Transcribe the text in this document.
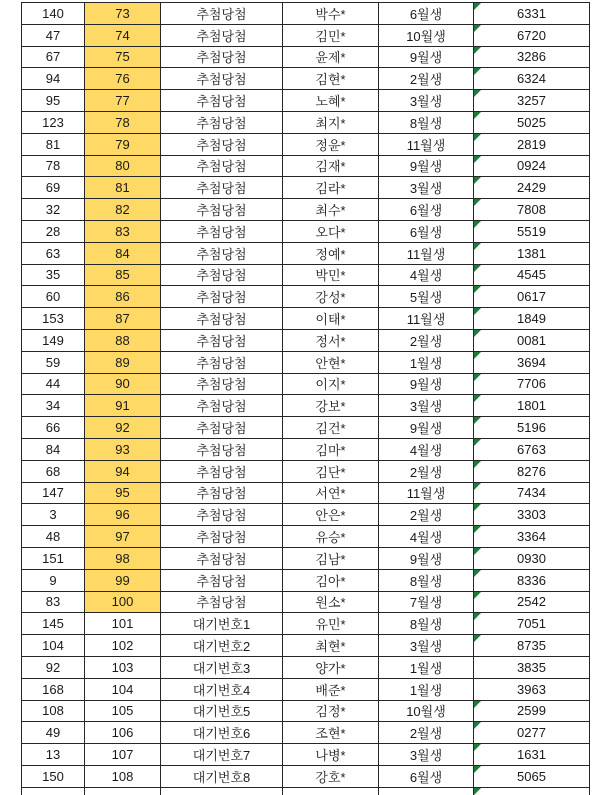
140	73	추첨당첨	박수*	6월생	6331
47	74	추첨당첨	김민*	10월생	6720
67	75	추첨당첨	윤제*	9월생	3286
94	76	추첨당첨	김현*	2월생	6324
95	77	추첨당첨	노혜*	3월생	3257
123	78	추첨당첨	최지*	8월생	5025
81	79	추첨당첨	정윤*	11월생	2819
78	80	추첨당첨	김재*	9월생	0924
69	81	추첨당첨	김라*	3월생	2429
32	82	추첨당첨	최수*	6월생	7808
28	83	추첨당첨	오다*	6월생	5519
63	84	추첨당첨	정예*	11월생	1381
35	85	추첨당첨	박민*	4월생	4545
60	86	추첨당첨	강성*	5월생	0617
153	87	추첨당첨	이태*	11월생	1849
149	88	추첨당첨	정서*	2월생	0081
59	89	추첨당첨	안현*	1월생	3694
44	90	추첨당첨	이지*	9월생	7706
34	91	추첨당첨	강보*	3월생	1801
66	92	추첨당첨	김건*	9월생	5196
84	93	추첨당첨	김마*	4월생	6763
68	94	추첨당첨	김단*	2월생	8276
147	95	추첨당첨	서연*	11월생	7434
3	96	추첨당첨	안은*	2월생	3303
48	97	추첨당첨	유승*	4월생	3364
151	98	추첨당첨	김남*	9월생	0930
9	99	추첨당첨	김아*	8월생	8336
83	100	추첨당첨	원소*	7월생	2542
145	101	대기번호1	유민*	8월생	7051
104	102	대기번호2	최현*	3월생	8735
92	103	대기번호3	양가*	1월생	3835
168	104	대기번호4	배준*	1월생	3963
108	105	대기번호5	김정*	10월생	2599
49	106	대기번호6	조현*	2월생	0277
13	107	대기번호7	나병*	3월생	1631
150	108	대기번호8	강호*	6월생	5065
